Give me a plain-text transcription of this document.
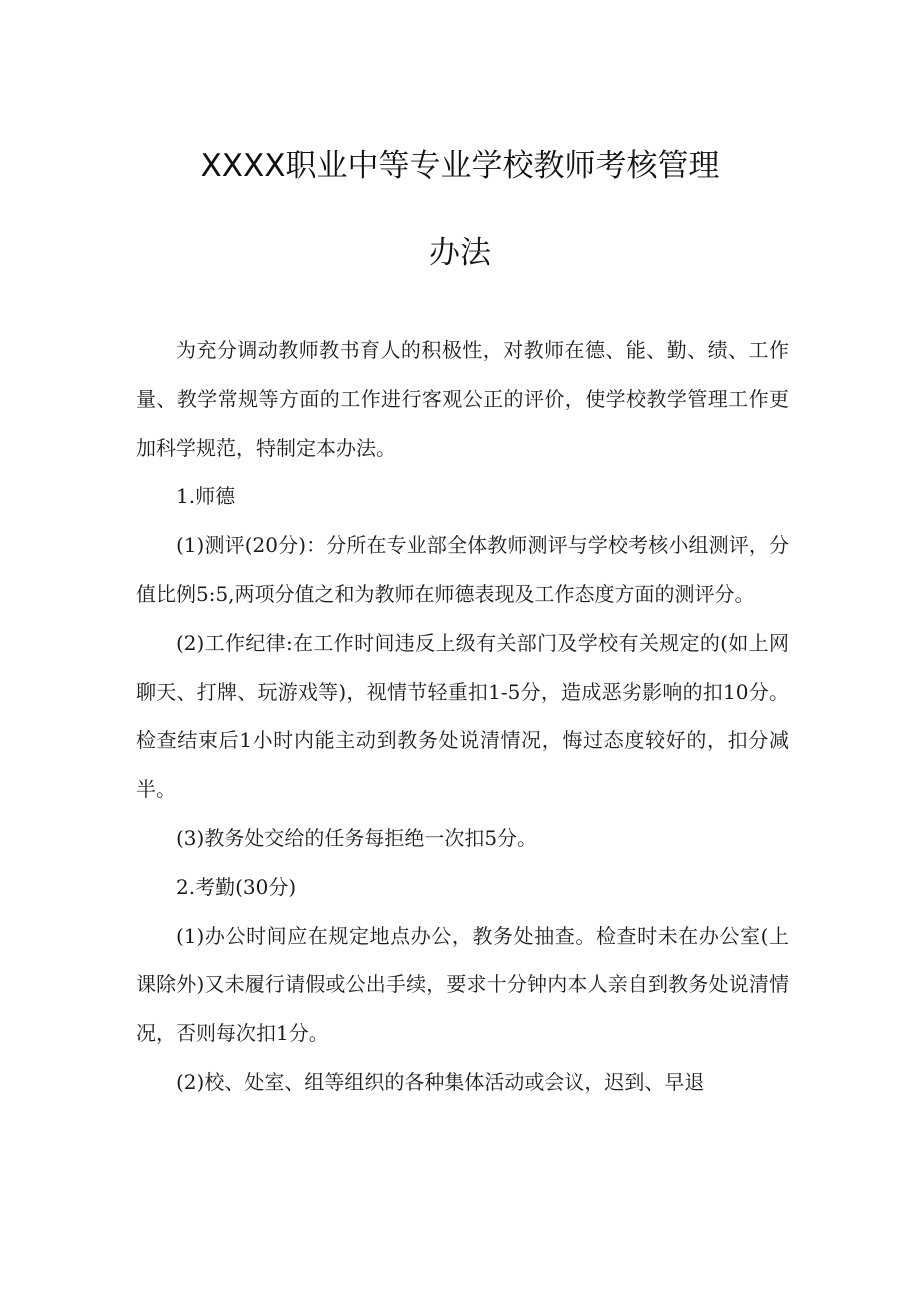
XXXX职业中等专业学校教师考核管理
办法

为充分调动教师教书育人的积极性，对教师在德、能、勤、绩、工作量、教学常规等方面的工作进行客观公正的评价，使学校教学管理工作更加科学规范，特制定本办法。

1.师德

(1)测评(20分)：分所在专业部全体教师测评与学校考核小组测评，分值比例5:5,两项分值之和为教师在师德表现及工作态度方面的测评分。

(2)工作纪律:在工作时间违反上级有关部门及学校有关规定的(如上网聊天、打牌、玩游戏等)，视情节轻重扣1-5分，造成恶劣影响的扣10分。检查结束后1小时内能主动到教务处说清情况，悔过态度较好的，扣分减半。

(3)教务处交给的任务每拒绝一次扣5分。

2.考勤(30分)

(1)办公时间应在规定地点办公，教务处抽查。检查时未在办公室(上课除外)又未履行请假或公出手续，要求十分钟内本人亲自到教务处说清情况，否则每次扣1分。

(2)校、处室、组等组织的各种集体活动或会议，迟到、早退
